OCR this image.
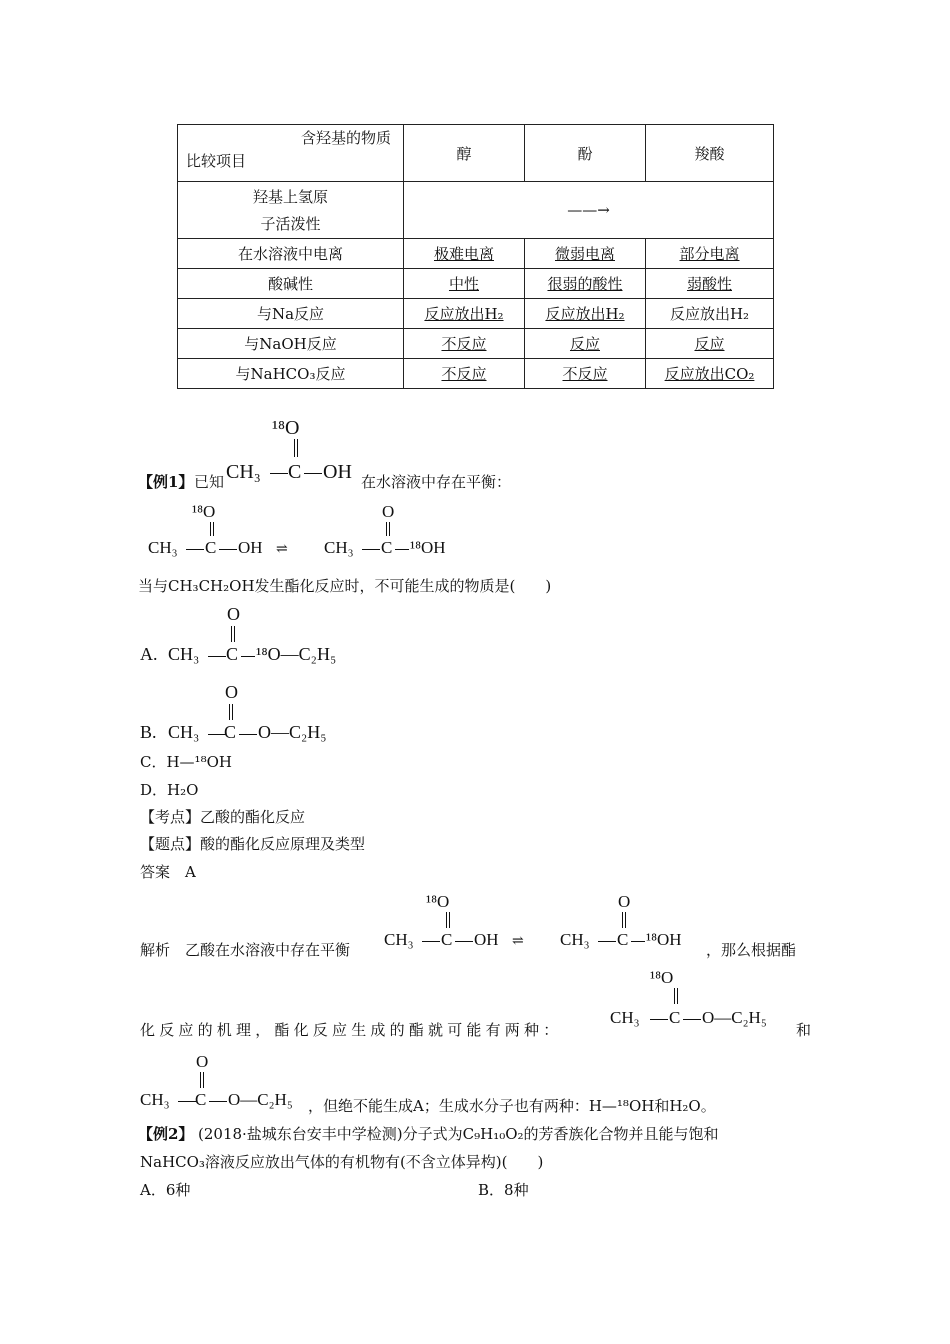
含羟基的物质
比较项目	醇	酚	羧酸

羟基上氢原
子活泼性	——→		
在水溶液中电离	极难电离	微弱电离	部分电离
酸碱性	中性	很弱的酸性	弱酸性
与Na反应	反应放出H₂	反应放出H₂	反应放出H₂
与NaOH反应	不反应	反应	反应
与NaHCO₃反应	不反应	不反应	反应放出CO₂
【例1】 已知
¹⁸O
CH₃ C OH 在水溶液中存在平衡：
¹⁸O
CH₃ C OH ⇌
O
CH₃ C ¹⁸OH
当与CH₃CH₂OH发生酯化反应时，不可能生成的物质是(　　)
A. CH₃
O
C ¹⁸O—C₂H₅
B. CH₃
O
C O—C₂H₅
C．H—¹⁸OH
D．H₂O
【考点】乙酸的酯化反应
【题点】酸的酯化反应原理及类型
答案　A
解析　乙酸在水溶液中存在平衡
¹⁸O
CH₃ C OH ⇌
O
CH₃ C ¹⁸OH
，那么根据酯
化反应的机理，酯化反应生成的酯就可能有两种：
¹⁸O
CH₃ C O—C₂H₅
和
O
CH₃ C O—C₂H₅ ，但绝不能生成A；生成水分子也有两种：H—¹⁸OH和H₂O。
【例2】 (2018·盐城东台安丰中学检测)分子式为C₉H₁₀O₂的芳香族化合物并且能与饱和
NaHCO₃溶液反应放出气体的有机物有(不含立体异构)(　　)
A．6种	B．8种
